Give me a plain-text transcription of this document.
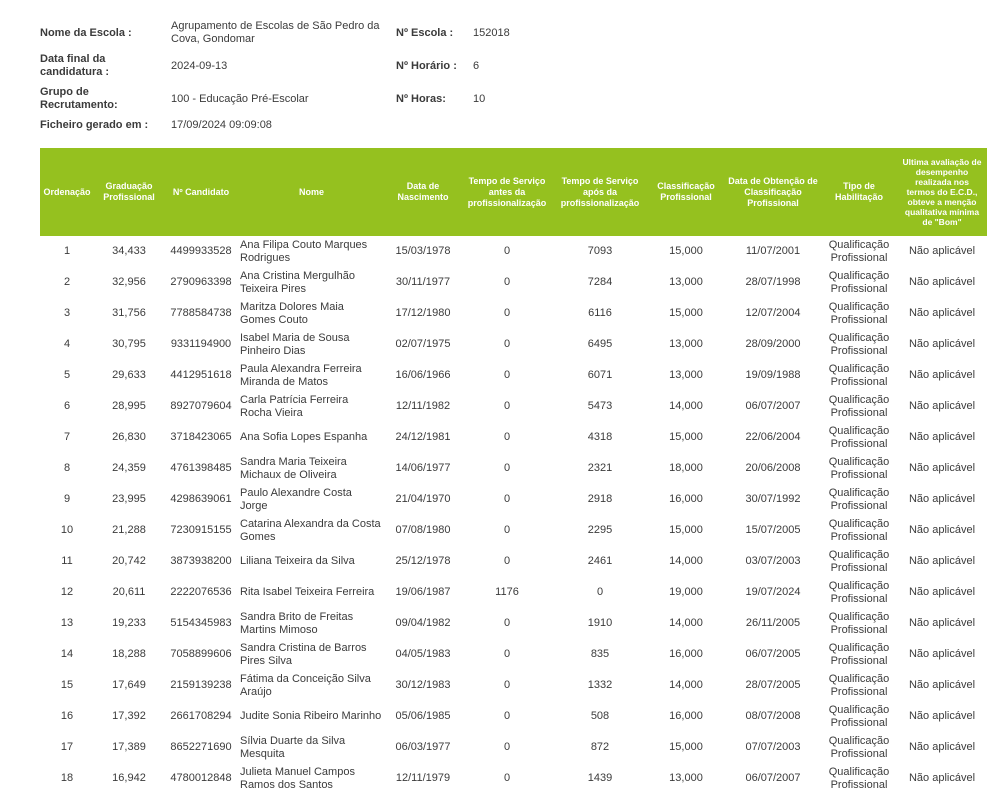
Nome da Escola :
Agrupamento de Escolas de São Pedro da Cova, Gondomar
Nº Escola :	152018
Data final da candidatura :
2024-09-13	Nº Horário :	6
Grupo de Recrutamento:
100 - Educação Pré-Escolar	Nº Horas:	10
Ficheiro gerado em :	17/09/2024 09:09:08
Ordenação	Graduação Profissional	Nº Candidato	Nome	Data de Nascimento	Tempo de Serviço antes da profissionalização	Tempo de Serviço após da profissionalização	Classificação Profissional	Data de Obtenção de Classificação Profissional	Tipo de Habilitação	Ultima avaliação de desempenho realizada nos termos do E.C.D., obteve a menção qualitativa mínima de "Bom"
1	34,433	4499933528	Ana Filipa Couto Marques Rodrigues	15/03/1978	0	7093	15,000	11/07/2001	Qualificação Profissional	Não aplicável
2	32,956	2790963398	Ana Cristina Mergulhão Teixeira Pires	30/11/1977	0	7284	13,000	28/07/1998	Qualificação Profissional	Não aplicável
3	31,756	7788584738	Maritza Dolores Maia Gomes Couto	17/12/1980	0	6116	15,000	12/07/2004	Qualificação Profissional	Não aplicável
4	30,795	9331194900	Isabel Maria de Sousa Pinheiro Dias	02/07/1975	0	6495	13,000	28/09/2000	Qualificação Profissional	Não aplicável
5	29,633	4412951618	Paula Alexandra Ferreira Miranda de Matos	16/06/1966	0	6071	13,000	19/09/1988	Qualificação Profissional	Não aplicável
6	28,995	8927079604	Carla Patrícia Ferreira Rocha Vieira	12/11/1982	0	5473	14,000	06/07/2007	Qualificação Profissional	Não aplicável
7	26,830	3718423065	Ana Sofia Lopes Espanha	24/12/1981	0	4318	15,000	22/06/2004	Qualificação Profissional	Não aplicável
8	24,359	4761398485	Sandra Maria Teixeira Michaux de Oliveira	14/06/1977	0	2321	18,000	20/06/2008	Qualificação Profissional	Não aplicável
9	23,995	4298639061	Paulo Alexandre Costa Jorge	21/04/1970	0	2918	16,000	30/07/1992	Qualificação Profissional	Não aplicável
10	21,288	7230915155	Catarina Alexandra da Costa Gomes	07/08/1980	0	2295	15,000	15/07/2005	Qualificação Profissional	Não aplicável
11	20,742	3873938200	Liliana Teixeira da Silva	25/12/1978	0	2461	14,000	03/07/2003	Qualificação Profissional	Não aplicável
12	20,611	2222076536	Rita Isabel Teixeira Ferreira	19/06/1987	1176	0	19,000	19/07/2024	Qualificação Profissional	Não aplicável
13	19,233	5154345983	Sandra Brito de Freitas Martins Mimoso	09/04/1982	0	1910	14,000	26/11/2005	Qualificação Profissional	Não aplicável
14	18,288	7058899606	Sandra Cristina de Barros Pires Silva	04/05/1983	0	835	16,000	06/07/2005	Qualificação Profissional	Não aplicável
15	17,649	2159139238	Fátima da Conceição Silva Araújo	30/12/1983	0	1332	14,000	28/07/2005	Qualificação Profissional	Não aplicável
16	17,392	2661708294	Judite Sonia Ribeiro Marinho	05/06/1985	0	508	16,000	08/07/2008	Qualificação Profissional	Não aplicável
17	17,389	8652271690	Sílvia Duarte da Silva Mesquita	06/03/1977	0	872	15,000	07/07/2003	Qualificação Profissional	Não aplicável
18	16,942	4780012848	Julieta Manuel Campos Ramos dos Santos	12/11/1979	0	1439	13,000	06/07/2007	Qualificação Profissional	Não aplicável
